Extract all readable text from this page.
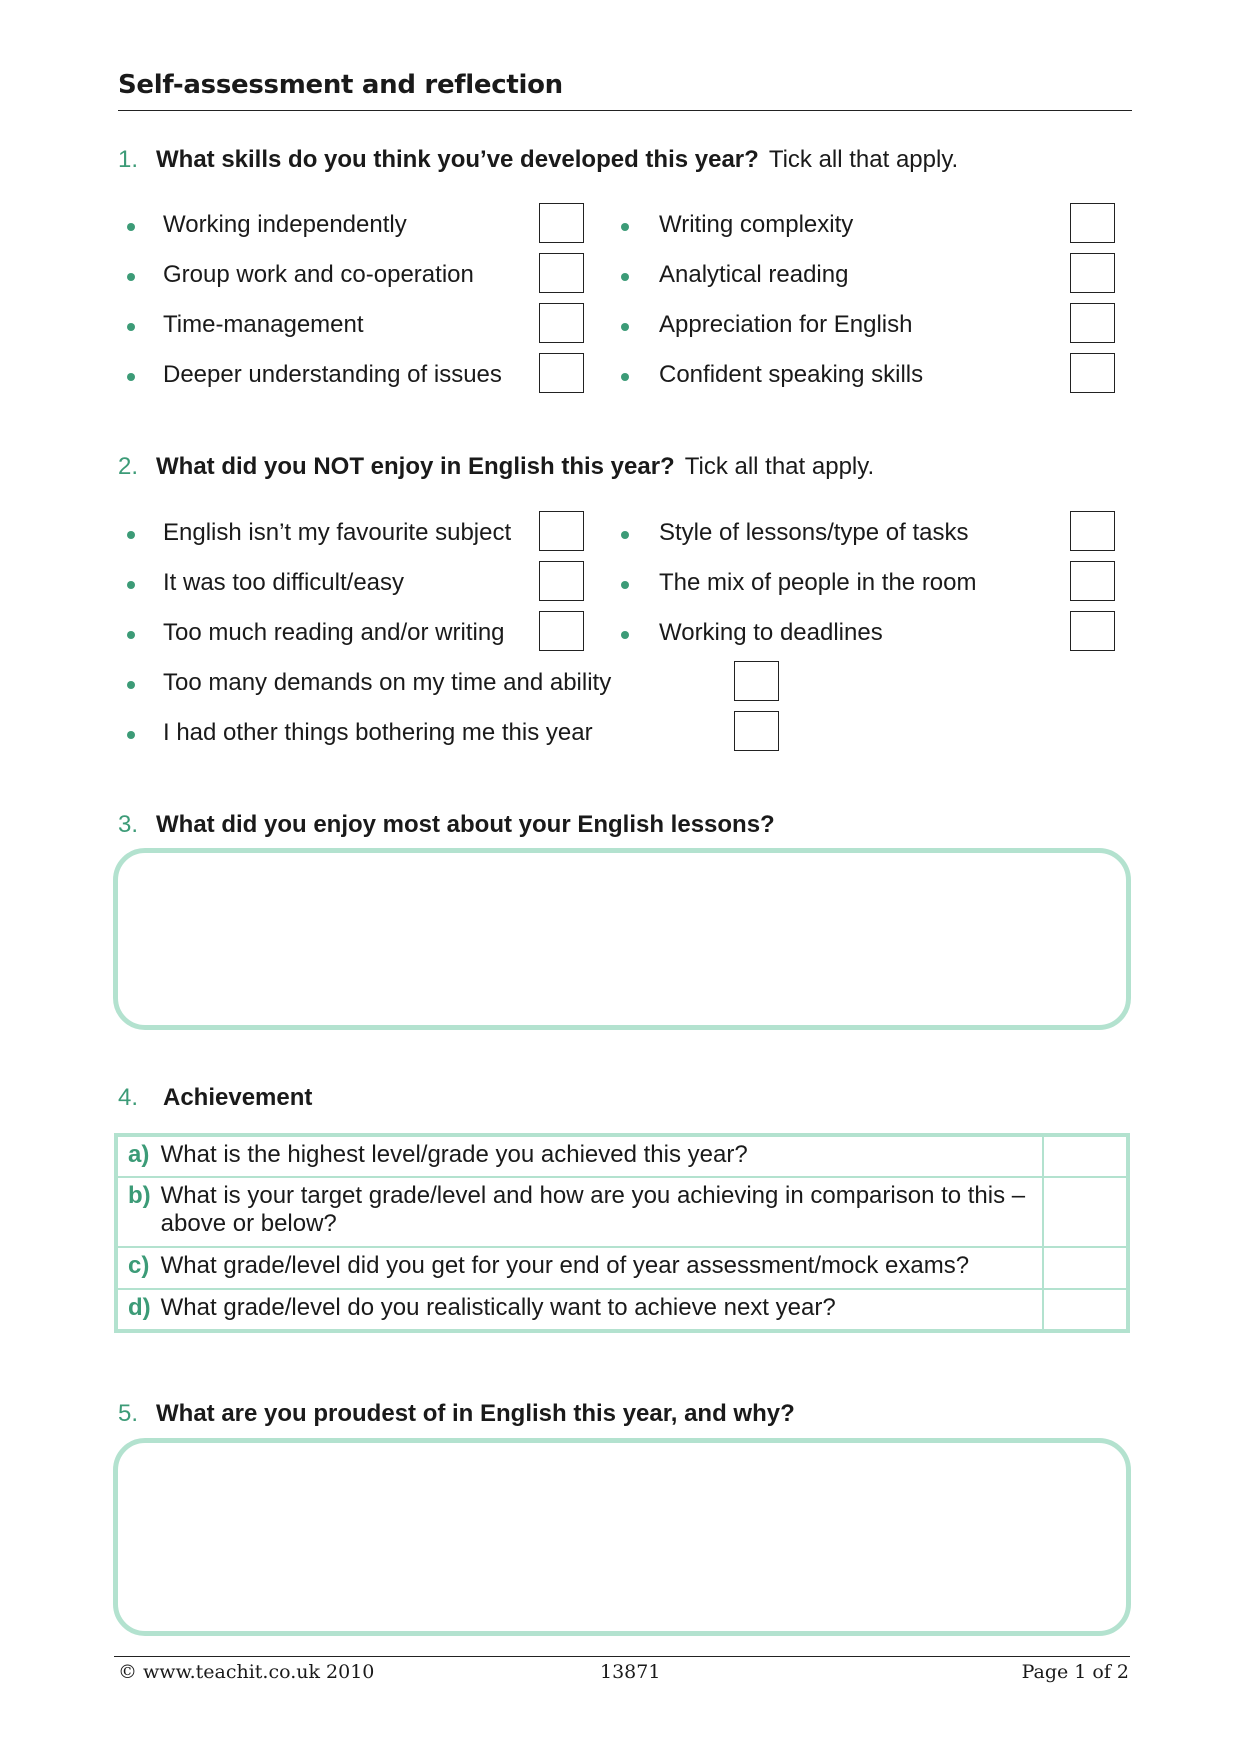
Self-assessment and reflection
1. What skills do you think you’ve developed this year? Tick all that apply.
Working independently
Group work and co-operation
Time-management
Deeper understanding of issues
Writing complexity
Analytical reading
Appreciation for English
Confident speaking skills
2. What did you NOT enjoy in English this year? Tick all that apply.
English isn’t my favourite subject
It was too difficult/easy
Too much reading and/or writing
Style of lessons/type of tasks
The mix of people in the room
Working to deadlines
Too many demands on my time and ability
I had other things bothering me this year
3. What did you enjoy most about your English lessons?
4. Achievement
a)	What is the highest level/grade you achieved this year?	
b)	What is your target grade/level and how are you achieving in comparison to this – above or below?	
c)	What grade/level did you get for your end of year assessment/mock exams?	
d)	What grade/level do you realistically want to achieve next year?	
5. What are you proudest of in English this year, and why?
© www.teachit.co.uk 2010	13871	Page 1 of 2
